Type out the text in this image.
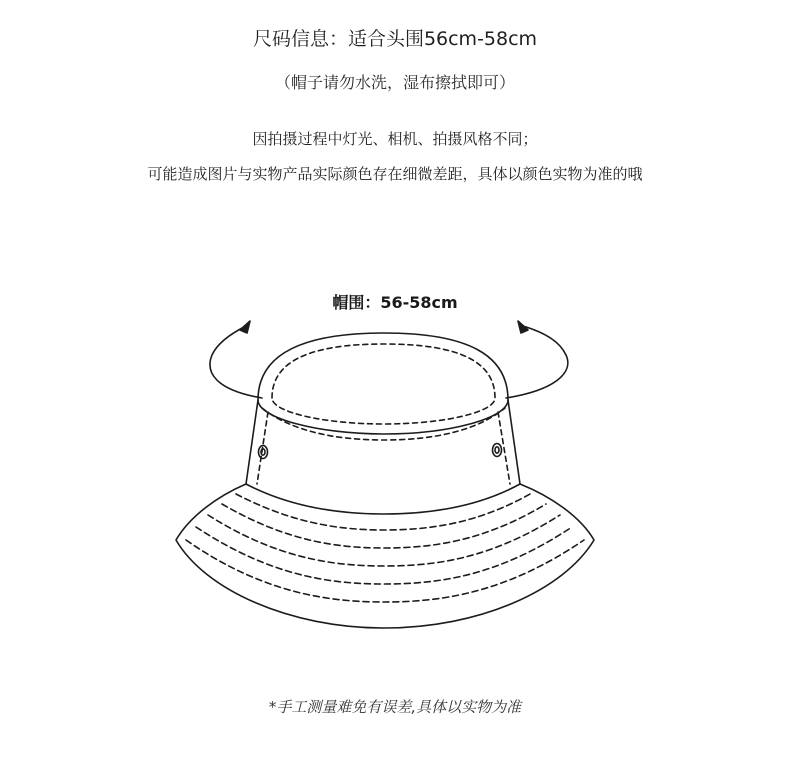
尺码信息：适合头围56cm-58cm
（帽子请勿水洗，湿布擦拭即可）
因拍摄过程中灯光、相机、拍摄风格不同；
可能造成图片与实物产品实际颜色存在细微差距，具体以颜色实物为准的哦
帽围：56-58cm
*手工测量难免有误差,具体以实物为准
